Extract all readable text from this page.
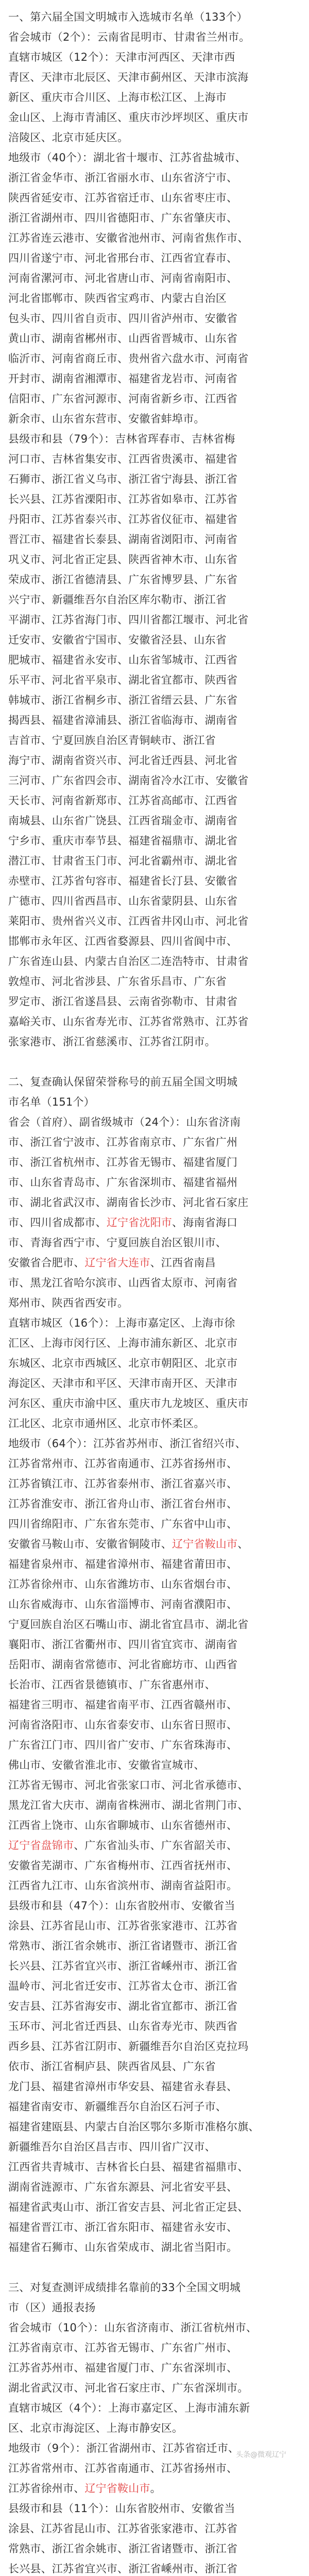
一、第六届全国文明城市入选城市名单（133个）
省会城市（2个）：云南省昆明市、甘肃省兰州市。
直辖市城区（12个）：天津市河西区、天津市西
青区、天津市北辰区、天津市蓟州区、天津市滨海
新区、重庆市合川区、上海市松江区、上海市
金山区、上海市青浦区、重庆市沙坪坝区、重庆市
涪陵区、北京市延庆区。
地级市（40个）：湖北省十堰市、江苏省盐城市、
浙江省金华市、浙江省丽水市、山东省济宁市、
陕西省延安市、江苏省宿迁市、山东省枣庄市、
浙江省湖州市、四川省德阳市、广东省肇庆市、
江苏省连云港市、安徽省池州市、河南省焦作市、
四川省遂宁市、河北省邢台市、江西省宜春市、
河南省漯河市、河北省唐山市、河南省南阳市、
河北省邯郸市、陕西省宝鸡市、内蒙古自治区
包头市、四川省自贡市、四川省泸州市、安徽省
黄山市、湖南省郴州市、山西省晋城市、山东省
临沂市、河南省商丘市、贵州省六盘水市、河南省
开封市、湖南省湘潭市、福建省龙岩市、河南省
信阳市、广东省河源市、河南省新乡市、江西省
新余市、山东省东营市、安徽省蚌埠市。
县级市和县（79个）：吉林省珲春市、吉林省梅
河口市、吉林省集安市、江西省贵溪市、福建省
石狮市、浙江省义乌市、浙江省宁海县、浙江省
长兴县、江苏省溧阳市、江苏省如皋市、江苏省
丹阳市、江苏省泰兴市、江苏省仪征市、福建省
晋江市、福建省长泰县、湖南省浏阳市、河南省
巩义市、河北省正定县、陕西省神木市、山东省
荣成市、浙江省德清县、广东省博罗县、广东省
兴宁市、新疆维吾尔自治区库尔勒市、浙江省
平湖市、江苏省海门市、四川省都江堰市、河北省
迁安市、安徽省宁国市、安徽省泾县、山东省
肥城市、福建省永安市、山东省邹城市、江西省
乐平市、河北省平泉市、湖北省宜都市、陕西省
韩城市、浙江省桐乡市、浙江省缙云县、广东省
揭西县、福建省漳浦县、浙江省临海市、湖南省
吉首市、宁夏回族自治区青铜峡市、浙江省
海宁市、湖南省资兴市、河北省迁西县、河北省
三河市、广东省四会市、湖南省冷水江市、安徽省
天长市、河南省新郑市、江苏省高邮市、江西省
南城县、山东省广饶县、江西省瑞金市、湖南省
宁乡市、重庆市奉节县、福建省福鼎市、湖北省
潜江市、甘肃省玉门市、河北省霸州市、湖北省
赤壁市、江苏省句容市、福建省长汀县、安徽省
广德市、四川省西昌市、山东省蒙阴县、山东省
莱阳市、贵州省兴义市、江西省井冈山市、河北省
邯郸市永年区、江西省婺源县、四川省阆中市、
广东省连山县、内蒙古自治区二连浩特市、甘肃省
敦煌市、河北省涉县、广东省乐昌市、广东省
罗定市、浙江省遂昌县、云南省弥勒市、甘肃省
嘉峪关市、山东省寿光市、江苏省常熟市、江苏省
张家港市、浙江省慈溪市、江苏省江阴市。
二、复查确认保留荣誉称号的前五届全国文明城
市名单（151个）
省会（首府）、副省级城市（24个）：山东省济南
市、浙江省宁波市、江苏省南京市、广东省广州
市、浙江省杭州市、江苏省无锡市、福建省厦门
市、山东省青岛市、广东省深圳市、福建省福州
市、湖北省武汉市、湖南省长沙市、河北省石家庄
市、四川省成都市、辽宁省沈阳市、海南省海口
市、青海省西宁市、宁夏回族自治区银川市、
安徽省合肥市、辽宁省大连市、江西省南昌
市、黑龙江省哈尔滨市、山西省太原市、河南省
郑州市、陕西省西安市。
直辖市城区（16个）：上海市嘉定区、上海市徐
汇区、上海市闵行区、上海市浦东新区、北京市
东城区、北京市西城区、北京市朝阳区、北京市
海淀区、天津市和平区、天津市南开区、天津市
河东区、重庆市渝中区、重庆市九龙坡区、重庆市
江北区、北京市通州区、北京市怀柔区。
地级市（64个）：江苏省苏州市、浙江省绍兴市、
江苏省常州市、江苏省南通市、江苏省扬州市、
江苏省镇江市、江苏省泰州市、浙江省嘉兴市、
江苏省淮安市、浙江省舟山市、浙江省台州市、
四川省绵阳市、广东省东莞市、广东省中山市、
安徽省马鞍山市、安徽省铜陵市、辽宁省鞍山市、
福建省泉州市、福建省漳州市、福建省莆田市、
江苏省徐州市、山东省潍坊市、山东省烟台市、
山东省威海市、山东省淄博市、河南省濮阳市、
宁夏回族自治区石嘴山市、湖北省宜昌市、湖北省
襄阳市、浙江省衢州市、四川省宜宾市、湖南省
岳阳市、湖南省常德市、河北省廊坊市、山西省
长治市、江西省景德镇市、广东省惠州市、
福建省三明市、福建省南平市、江西省赣州市、
河南省洛阳市、山东省泰安市、山东省日照市、
广东省江门市、四川省广安市、广东省珠海市、
佛山市、安徽省淮北市、安徽省宣城市、
江苏省无锡市、河北省张家口市、河北省承德市、
黑龙江省大庆市、湖南省株洲市、湖北省荆门市、
江西省上饶市、山东省聊城市、山东省德州市、
辽宁省盘锦市、广东省汕头市、广东省韶关市、
安徽省芜湖市、广东省梅州市、江西省抚州市、
江西省九江市、山东省滨州市、湖南省益阳市。
县级市和县（47个）：山东省胶州市、安徽省当
涂县、江苏省昆山市、江苏省张家港市、江苏省
常熟市、浙江省余姚市、浙江省诸暨市、浙江省
长兴县、江苏省宜兴市、浙江省嵊州市、浙江省
温岭市、河北省迁安市、江苏省太仓市、浙江省
安吉县、江苏省海安市、湖北省宜都市、浙江省
玉环市、河北省迁西县、山东省寿光市、陕西省
西乡县、江苏省江阴市、新疆维吾尔自治区克拉玛
依市、浙江省桐庐县、陕西省凤县、广东省
龙门县、福建省漳州市华安县、福建省永春县、
福建省南安市、新疆维吾尔自治区石河子市、
福建省建瓯县、内蒙古自治区鄂尔多斯市准格尔旗、
新疆维吾尔自治区昌吉市、四川省广汉市、
江西省共青城市、吉林省长白县、福建省福鼎市、
湖南省涟源市、广东省东源县、河北省安平县、
福建省武夷山市、浙江省安吉县、河北省正定县、
福建省晋江市、浙江省东阳市、福建省永安市、
福建省石狮市、山东省荣成市、湖北省当阳市。
三、对复查测评成绩排名靠前的33个全国文明城
市（区）通报表扬
省会城市（10个）：山东省济南市、浙江省杭州市、
江苏省南京市、江苏省无锡市、广东省广州市、
江苏省苏州市、福建省厦门市、广东省深圳市、
湖北省武汉市、河北省石家庄市、广东省深圳市。
直辖市城区（4个）：上海市嘉定区、上海市浦东新
区、北京市海淀区、上海市静安区。
地级市（9个）：浙江省湖州市、江苏省宿迁市、
江苏省常州市、江苏省南通市、江苏省扬州市、
江苏省徐州市、辽宁省鞍山市。
县级市和县（11个）：山东省胶州市、安徽省当
涂县、江苏省昆山市、江苏省张家港市、江苏省
常熟市、浙江省余姚市、浙江省诸暨市、浙江省
长兴县、江苏省宜兴市、浙江省嵊州市、浙江省
头条@微观辽宁
